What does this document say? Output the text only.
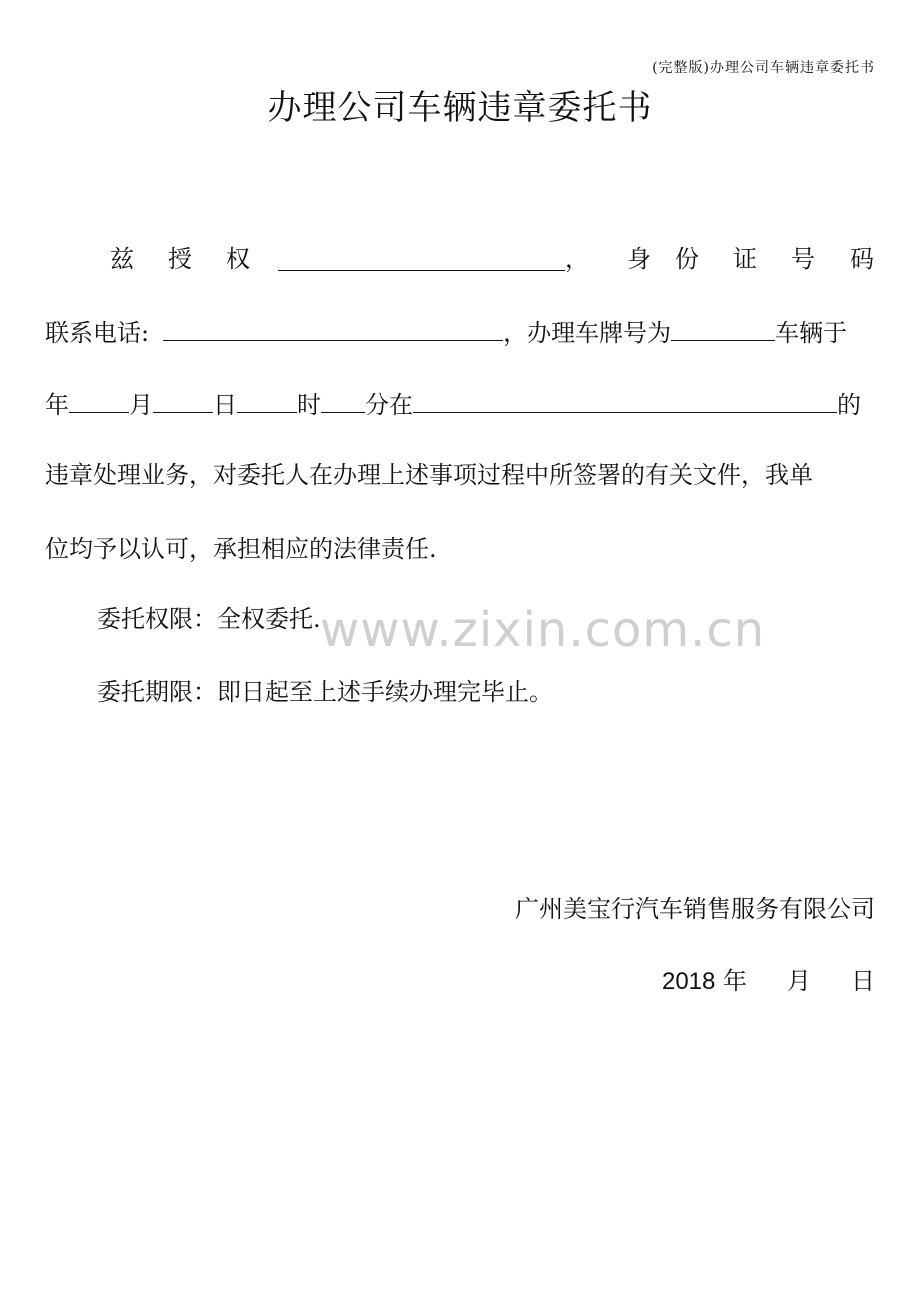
(完整版)办理公司车辆违章委托书
办理公司车辆违章委托书
兹 授 权	， 身 份 证 号 码
联系电话:	，办理车牌号为	车辆于
年	月	日	时 分在	的
违章处理业务，对委托人在办理上述事项过程中所签署的有关文件，我单
位均予以认可，承担相应的法律责任.
www.zixin.com.cn
委托权限：全权委托.
委托期限：即日起至上述手续办理完毕止。
广州美宝行汽车销售服务有限公司
2018 年 月 日
